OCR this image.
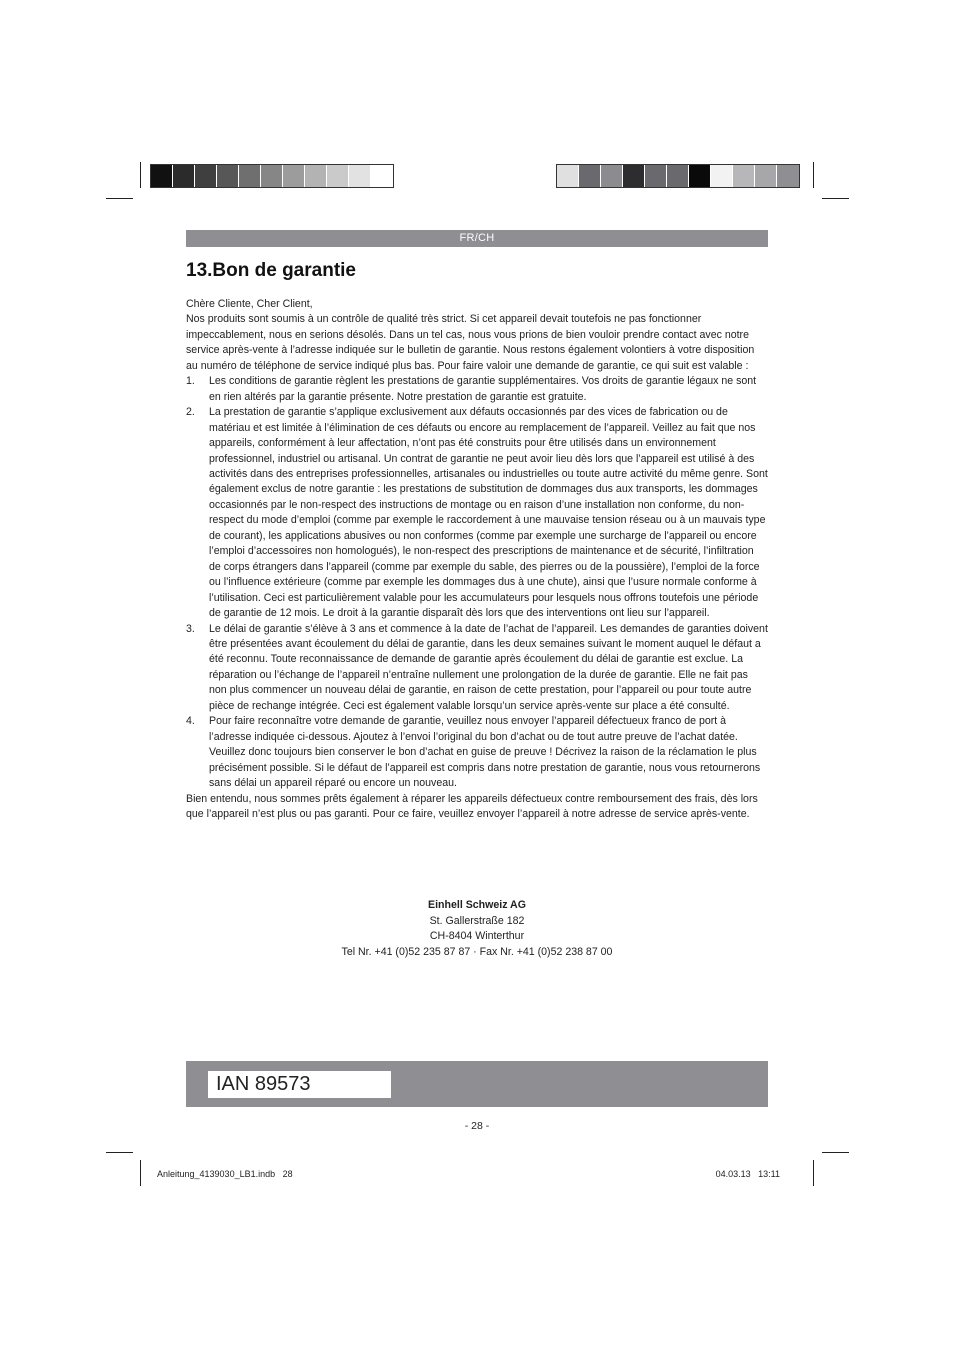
FR/CH
13.Bon de garantie

Chère Cliente, Cher Client,

Nos produits sont soumis à un contrôle de qualité très strict. Si cet appareil devait toutefois ne pas fonctionner impeccablement, nous en serions désolés. Dans un tel cas, nous vous prions de bien vouloir prendre contact avec notre service après-vente à l’adresse indiquée sur le bulletin de garantie. Nous restons également volontiers à votre disposition au numéro de téléphone de service indiqué plus bas. Pour faire valoir une demande de garantie, ce qui suit est valable :

1. Les conditions de garantie règlent les prestations de garantie supplémentaires. Vos droits de garantie légaux ne sont en rien altérés par la garantie présente. Notre prestation de garantie est gratuite.
2. La prestation de garantie s’applique exclusivement aux défauts occasionnés par des vices de fabrication ou de matériau et est limitée à l’élimination de ces défauts ou encore au remplacement de l’appareil. Veillez au fait que nos appareils, conformément à leur affectation, n’ont pas été construits pour être utilisés dans un environnement professionnel, industriel ou artisanal. Un contrat de garantie ne peut avoir lieu dès lors que l’appareil est utilisé à des activités dans des entreprises professionnelles, artisanales ou industrielles ou toute autre activité du même genre. Sont également exclus de notre garantie : les prestations de substitution de dommages dus aux transports, les dommages occasionnés par le non-respect des instructions de montage ou en raison d’une installation non conforme, du non-respect du mode d’emploi (comme par exemple le raccordement à une mauvaise tension réseau ou à un mauvais type de courant), les applications abusives ou non conformes (comme par exemple une surcharge de l’appareil ou encore l’emploi d’accessoires non homologués), le non-respect des prescriptions de maintenance et de sécurité, l’infiltration de corps étrangers dans l’appareil (comme par exemple du sable, des pierres ou de la poussière), l’emploi de la force ou l’influence extérieure (comme par exemple les dommages dus à une chute), ainsi que l’usure normale conforme à l’utilisation. Ceci est particulièrement valable pour les accumulateurs pour lesquels nous offrons toutefois une période de garantie de 12 mois. Le droit à la garantie disparaît dès lors que des interventions ont lieu sur l’appareil.
3. Le délai de garantie s’élève à 3 ans et commence à la date de l’achat de l’appareil. Les demandes de garanties doivent être présentées avant écoulement du délai de garantie, dans les deux semaines suivant le moment auquel le défaut a été reconnu. Toute reconnaissance de demande de garantie après écoulement du délai de garantie est exclue. La réparation ou l’échange de l’appareil n’entraîne nullement une prolongation de la durée de garantie. Elle ne fait pas non plus commencer un nouveau délai de garantie, en raison de cette prestation, pour l’appareil ou pour toute autre pièce de rechange intégrée. Ceci est également valable lorsqu’un service après-vente sur place a été consulté.
4. Pour faire reconnaître votre demande de garantie, veuillez nous envoyer l’appareil défectueux franco de port à l’adresse indiquée ci-dessous. Ajoutez à l’envoi l’original du bon d’achat ou de tout autre preuve de l’achat datée. Veuillez donc toujours bien conserver le bon d’achat en guise de preuve ! Décrivez la raison de la réclamation le plus précisément possible. Si le défaut de l’appareil est compris dans notre prestation de garantie, nous vous retournerons sans délai un appareil réparé ou encore un nouveau.

Bien entendu, nous sommes prêts également à réparer les appareils défectueux contre remboursement des frais, dès lors que l’appareil n’est plus ou pas garanti. Pour ce faire, veuillez envoyer l’appareil à notre adresse de service après-vente.

Einhell Schweiz AG
St. Gallerstraße 182
CH-8404 Winterthur
Tel Nr. +41 (0)52 235 87 87 · Fax Nr. +41 (0)52 238 87 00
IAN 89573
- 28 -
Anleitung_4139030_LB1.indb   28	04.03.13   13:11
